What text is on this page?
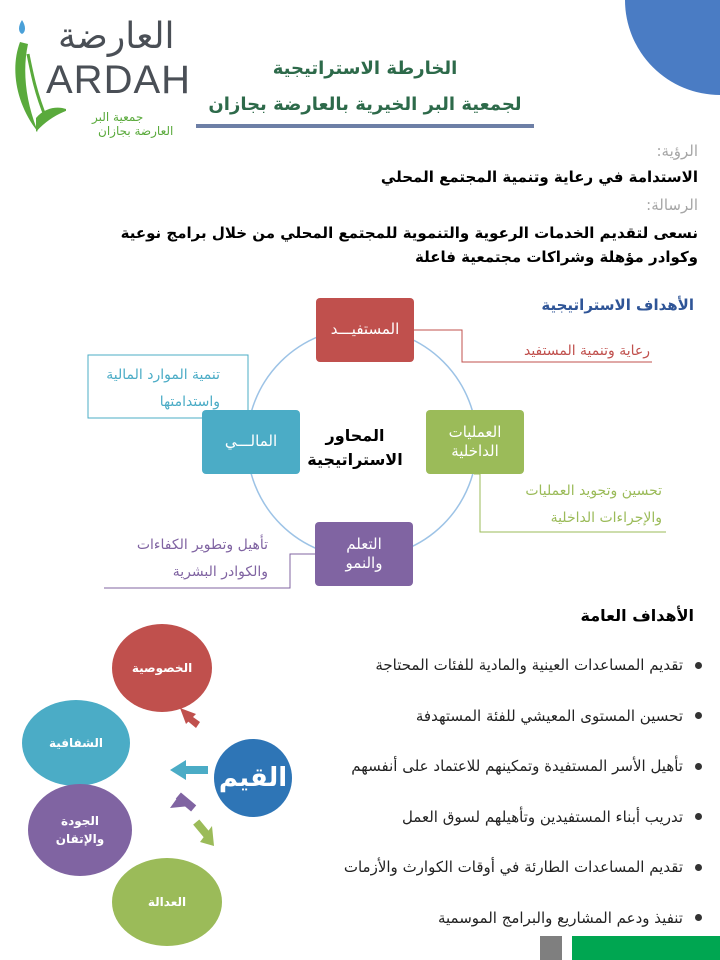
العارضة
ARDAH
جمعية البر
العارضة بجازان
الخارطة الاستراتيجية
لجمعية البر الخيرية بالعارضة بجازان
الرؤية:
الاستدامة في رعاية وتنمية المجتمع المحلي
الرسالة:
نسعى لتقديم الخدمات الرعوية والتنموية للمجتمع المحلي من خلال برامج نوعية
وكوادر مؤهلة وشراكات مجتمعية فاعلة
الأهداف الاستراتيجية
المستفيـــد
العمليات
الداخلية
التعلم
والنمو
المالـــي	المحاور
الاستراتيجية
رعاية وتنمية المستفيد
تنمية الموارد المالية
واستدامتها
تحسين وتجويد العمليات
والإجراءات الداخلية
تأهيل وتطوير الكفاءات
والكوادر البشرية
الأهداف العامة
تقديم المساعدات العينية والمادية للفئات المحتاجة
تحسين المستوى المعيشي للفئة المستهدفة
تأهيل الأسر المستفيدة وتمكينهم للاعتماد على أنفسهم
تدريب أبناء المستفيدين وتأهيلهم لسوق العمل
تقديم المساعدات الطارئة في أوقات الكوارث والأزمات
تنفيذ ودعم المشاريع والبرامج الموسمية
الخصوصية
الشفافية
الجودة
والإتقان
العدالة
القيم
